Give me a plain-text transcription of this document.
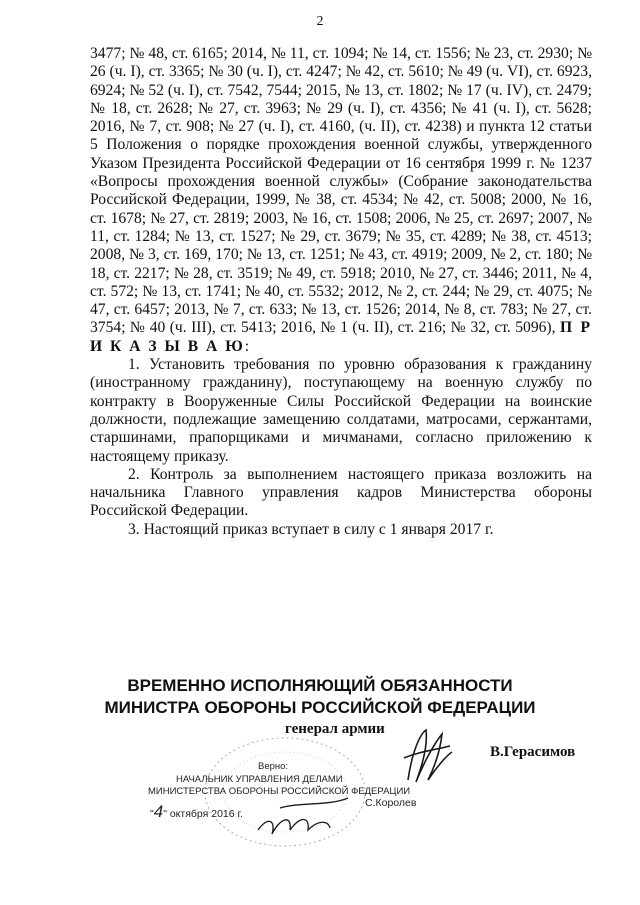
2

3477; № 48, ст. 6165; 2014, № 11, ст. 1094; № 14, ст. 1556; № 23, ст. 2930; № 26 (ч. I), ст. 3365; № 30 (ч. I), ст. 4247; № 42, ст. 5610; № 49 (ч. VI), ст. 6923, 6924; № 52 (ч. I), ст. 7542, 7544; 2015, № 13, ст. 1802; № 17 (ч. IV), ст. 2479; № 18, ст. 2628; № 27, ст. 3963; № 29 (ч. I), ст. 4356; № 41 (ч. I), ст. 5628; 2016, № 7, ст. 908; № 27 (ч. I), ст. 4160, (ч. II), ст. 4238) и пункта 12 статьи 5 Положения о порядке прохождения военной службы, утвержденного Указом Президента Российской Федерации от 16 сентября 1999 г. № 1237 «Вопросы прохождения военной службы» (Собрание законодательства Российской Федерации, 1999, № 38, ст. 4534; № 42, ст. 5008; 2000, № 16, ст. 1678; № 27, ст. 2819; 2003, № 16, ст. 1508; 2006, № 25, ст. 2697; 2007, № 11, ст. 1284; № 13, ст. 1527; № 29, ст. 3679; № 35, ст. 4289; № 38, ст. 4513; 2008, № 3, ст. 169, 170; № 13, ст. 1251; № 43, ст. 4919; 2009, № 2, ст. 180; № 18, ст. 2217; № 28, ст. 3519; № 49, ст. 5918; 2010, № 27, ст. 3446; 2011, № 4, ст. 572; № 13, ст. 1741; № 40, ст. 5532; 2012, № 2, ст. 244; № 29, ст. 4075; № 47, ст. 6457; 2013, № 7, ст. 633; № 13, ст. 1526; 2014, № 8, ст. 783; № 27, ст. 3754; № 40 (ч. III), ст. 5413; 2016, № 1 (ч. II), ст. 216; № 32, ст. 5096), П Р И К А З Ы В А Ю:

1. Установить требования по уровню образования к гражданину (иностранному гражданину), поступающему на военную службу по контракту в Вооруженные Силы Российской Федерации на воинские должности, подлежащие замещению солдатами, матросами, сержантами, старшинами, прапорщиками и мичманами, согласно приложению к настоящему приказу.

2. Контроль за выполнением настоящего приказа возложить на начальника Главного управления кадров Министерства обороны Российской Федерации.

3. Настоящий приказ вступает в силу с 1 января 2017 г.

ВРЕМЕННО ИСПОЛНЯЮЩИЙ ОБЯЗАННОСТИ
МИНИСТРА ОБОРОНЫ РОССИЙСКОЙ ФЕДЕРАЦИИ
генерал армии
В.Герасимов
Верно:
НАЧАЛЬНИК УПРАВЛЕНИЯ ДЕЛАМИ
МИНИСТЕРСТВА ОБОРОНЫ РОССИЙСКОЙ ФЕДЕРАЦИИ
"4" октября 2016 г.
С.Королев
